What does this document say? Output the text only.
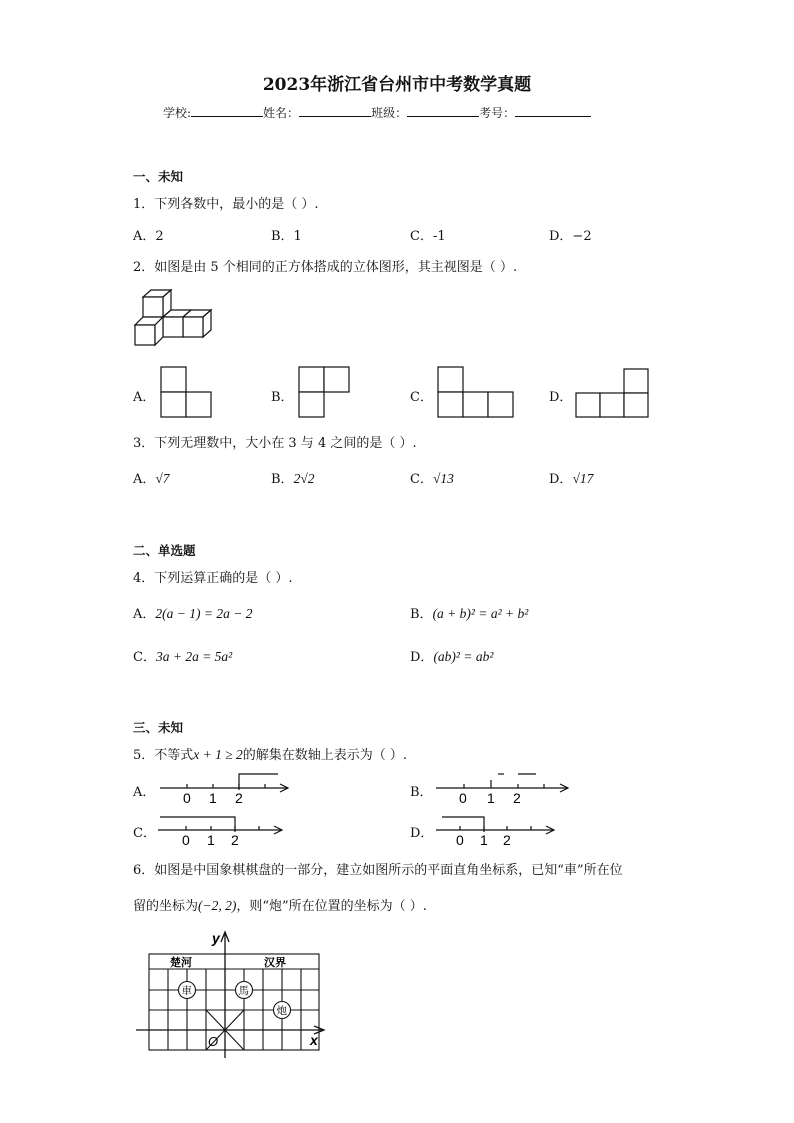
2023年浙江省台州市中考数学真题
学校:	姓名：	班级：	考号：
一、未知
1．下列各数中，最小的是（ ）.
A．2	B．1	C．-1	D．−2
2．如图是由 5 个相同的正方体搭成的立体图形，其主视图是（ ）.
A．	B．	C．	D．
3．下列无理数中，大小在 3 与 4 之间的是（ ）.
A．√7	B．2√2	C．√13	D．√17
二、单选题
4．下列运算正确的是（ ）.
A．2(a − 1) = 2a − 2	B．(a + b)² = a² + b²
C．3a + 2a = 5a²	D．(ab)² = ab²
三、未知
5．不等式x + 1 ≥ 2的解集在数轴上表示为（ ）.
A． 0 1 2	B． 0 1 2
C． 0 1 2	D． 0 1 2
6．如图是中国象棋棋盘的一部分，建立如图所示的平面直角坐标系，已知“車”所在位
留的坐标为(−2, 2)，则“炮”所在位置的坐标为（ ）.
楚河	汉界
y
x
O
車	馬
炮
